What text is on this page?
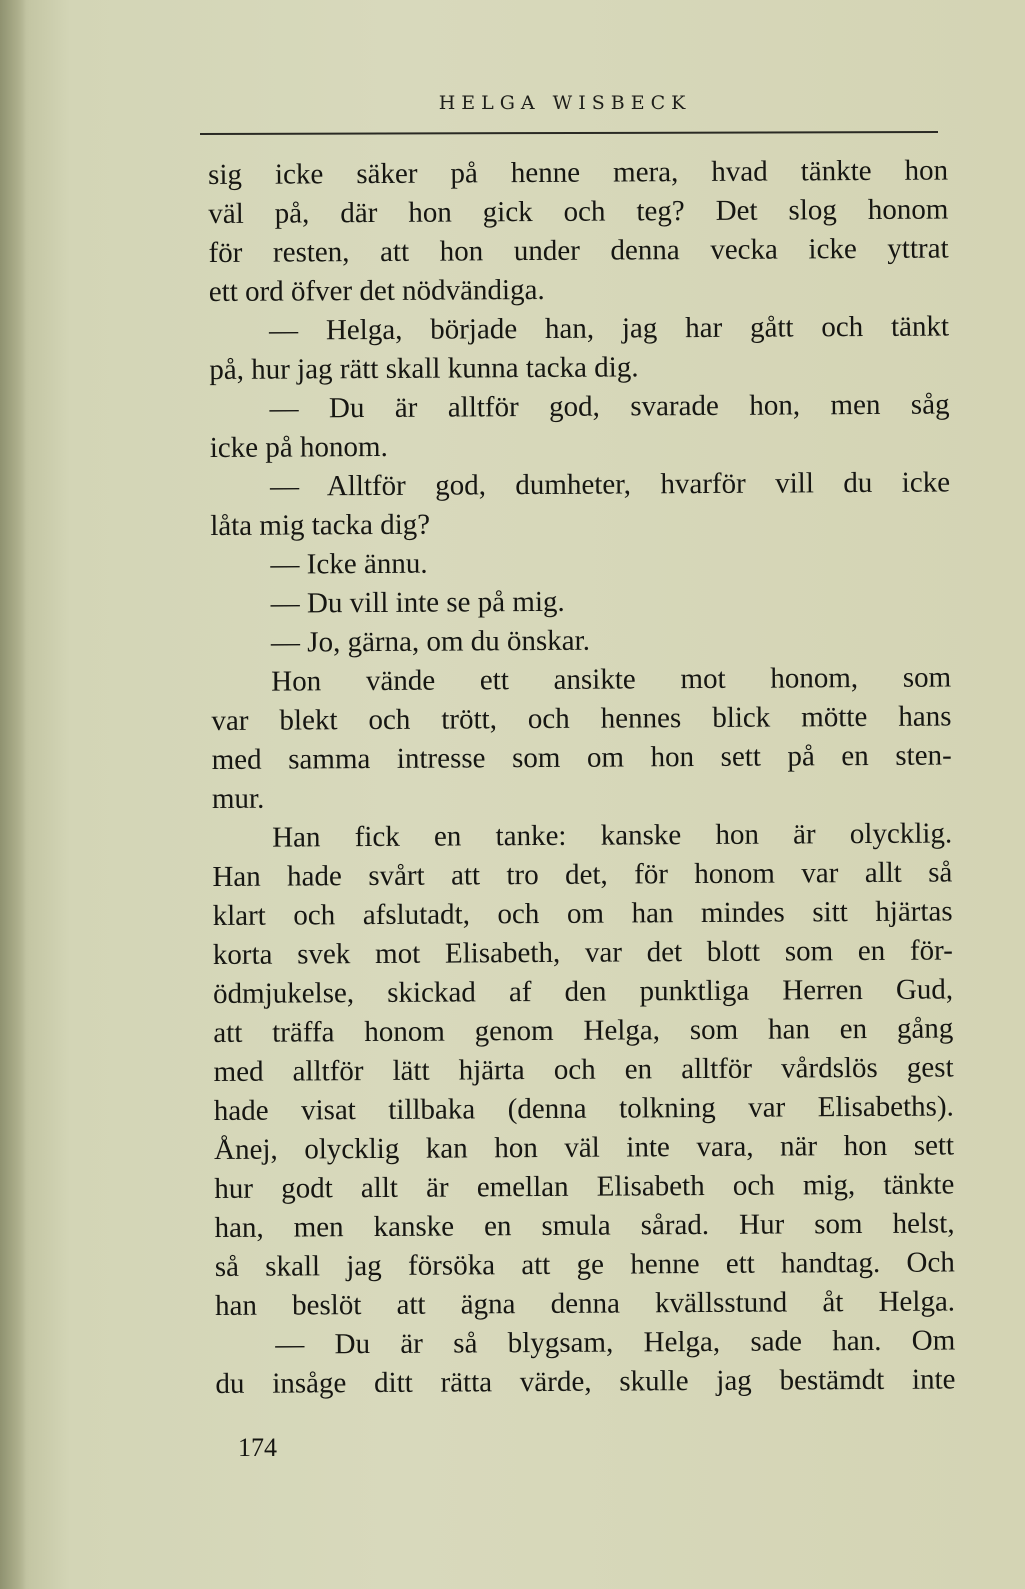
HELGA WISBECK
sig icke säker på henne mera, hvad tänkte hon
väl på, där hon gick och teg? Det slog honom
för resten, att hon under denna vecka icke yttrat
ett ord öfver det nödvändiga.
— Helga, började han, jag har gått och tänkt
på, hur jag rätt skall kunna tacka dig.
— Du är alltför god, svarade hon, men såg
icke på honom.
— Alltför god, dumheter, hvarför vill du icke
låta mig tacka dig?
— Icke ännu.
— Du vill inte se på mig.
— Jo, gärna, om du önskar.
Hon vände ett ansikte mot honom, som
var blekt och trött, och hennes blick mötte hans
med samma intresse som om hon sett på en sten-
mur.
Han fick en tanke: kanske hon är olycklig.
Han hade svårt att tro det, för honom var allt så
klart och afslutadt, och om han mindes sitt hjärtas
korta svek mot Elisabeth, var det blott som en för-
ödmjukelse, skickad af den punktliga Herren Gud,
att träffa honom genom Helga, som han en gång
med alltför lätt hjärta och en alltför vårdslös gest
hade visat tillbaka (denna tolkning var Elisabeths).
Ånej, olycklig kan hon väl inte vara, när hon sett
hur godt allt är emellan Elisabeth och mig, tänkte
han, men kanske en smula sårad. Hur som helst,
så skall jag försöka att ge henne ett handtag. Och
han beslöt att ägna denna kvällsstund åt Helga.
— Du är så blygsam, Helga, sade han. Om
du insåge ditt rätta värde, skulle jag bestämdt inte
174
